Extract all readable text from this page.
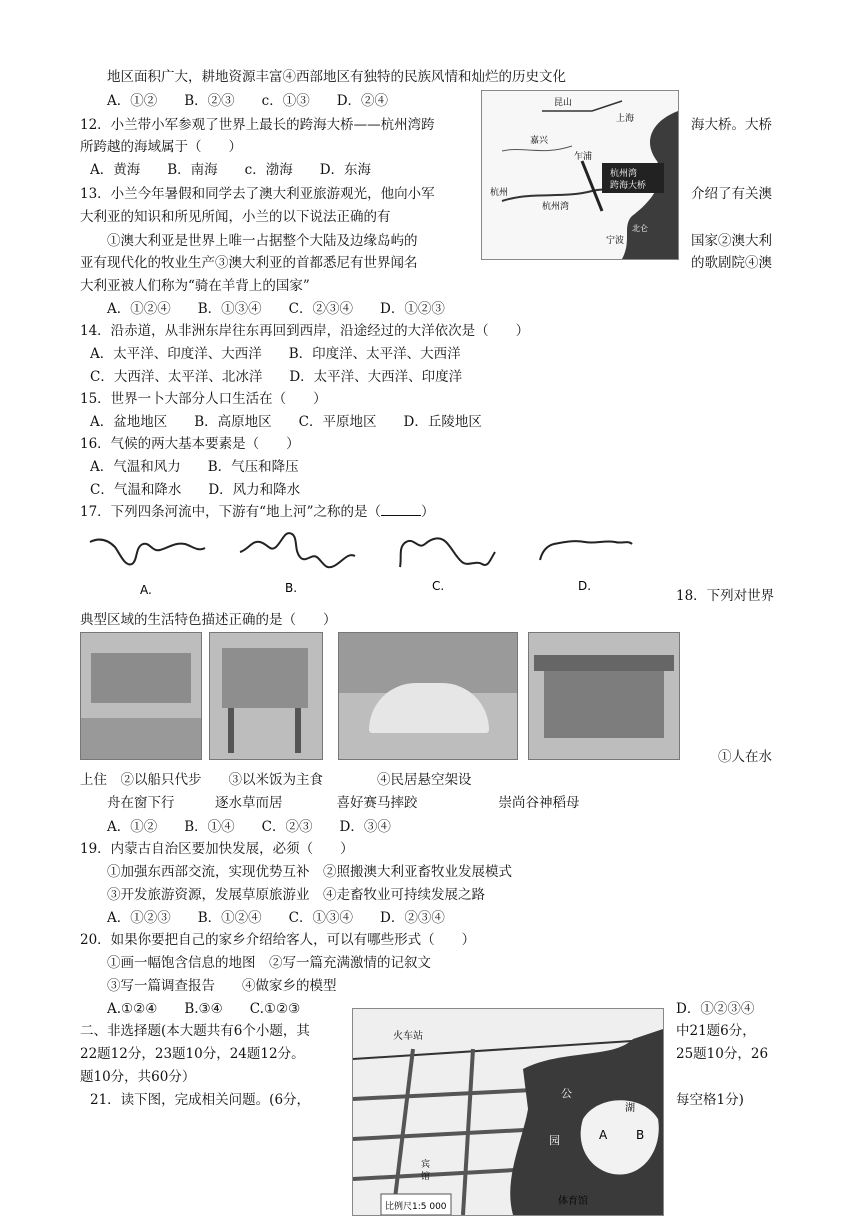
地区面积广大，耕地资源丰富④西部地区有独特的民族风情和灿烂的历史文化
A．①②　　B．②③　　c．①③　　D．②④
12．小兰带小军参观了世界上最长的跨海大桥——杭州湾跨	海大桥。大桥
所跨越的海域属于（　　）
A．黄海　　B．南海　　c．渤海　　D．东海
13．小兰今年暑假和同学去了澳大利亚旅游观光，他向小军	介绍了有关澳
大利亚的知识和所见所闻，小兰的以下说法正确的有
①澳大利亚是世界上唯一占据整个大陆及边缘岛屿的	国家②澳大利
亚有现代化的牧业生产③澳大利亚的首都悉尼有世界闻名	的歌剧院④澳
大利亚被人们称为“骑在羊背上的国家”
A．①②④　　B．①③④　　C．②③④　　D．①②③
14．沿赤道，从非洲东岸往东再回到西岸，沿途经过的大洋依次是（　　）
A．太平洋、印度洋、大西洋　　B．印度洋、太平洋、大西洋
C．大西洋、太平洋、北冰洋　　D．太平洋、大西洋、印度洋
15．世界一卜大部分人口生活在（　　）
A．盆地地区　　B．高原地区　　C．平原地区　　D．丘陵地区
16．气候的两大基本要素是（　　）
A．气温和风力　　B．气压和降压
C．气温和降水　　D．风力和降水
17．下列四条河流中，下游有“地上河”之称的是（	）
A.	B.	C.	D.
18．下列对世界
典型区域的生活特色描述正确的是（　　）
①人在水
上住　②以船只代步　　③以米饭为主食　　　　④民居悬空架设
舟在窗下行　　　逐水草而居　　　　喜好赛马摔跤　　　　　　崇尚谷神稻母
A．①②　　B．①④　　C．②③　　D．③④
19．内蒙古自治区要加快发展，必须（　　）
①加强东西部交流，实现优势互补　②照搬澳大利亚畜牧业发展模式
③开发旅游资源，发展草原旅游业　④走畜牧业可持续发展之路
A．①②③　　B．①②④　　C．①③④　　D．②③④
20．如果你要把自己的家乡介绍给客人，可以有哪些形式（　　）
①画一幅饱含信息的地图　②写一篇充满激情的记叙文
③写一篇调查报告　　④做家乡的模型
A.①②④　　B.③④　　C.①②③	D．①②③④
二、非选择题(本大题共有6个小题，其	中21题6分，
22题12分，23题10分，24题12分。	25题10分，26
题10分，共60分）
21．读下图，完成相关问题。(6分，	每空格1分)
昆山
上海
嘉兴
乍浦
杭州
杭州湾
杭州湾
跨海大桥
宁波
北仑
火车站
公
园
湖
A B
宾
馆
体育馆
比例尺1:5 000
